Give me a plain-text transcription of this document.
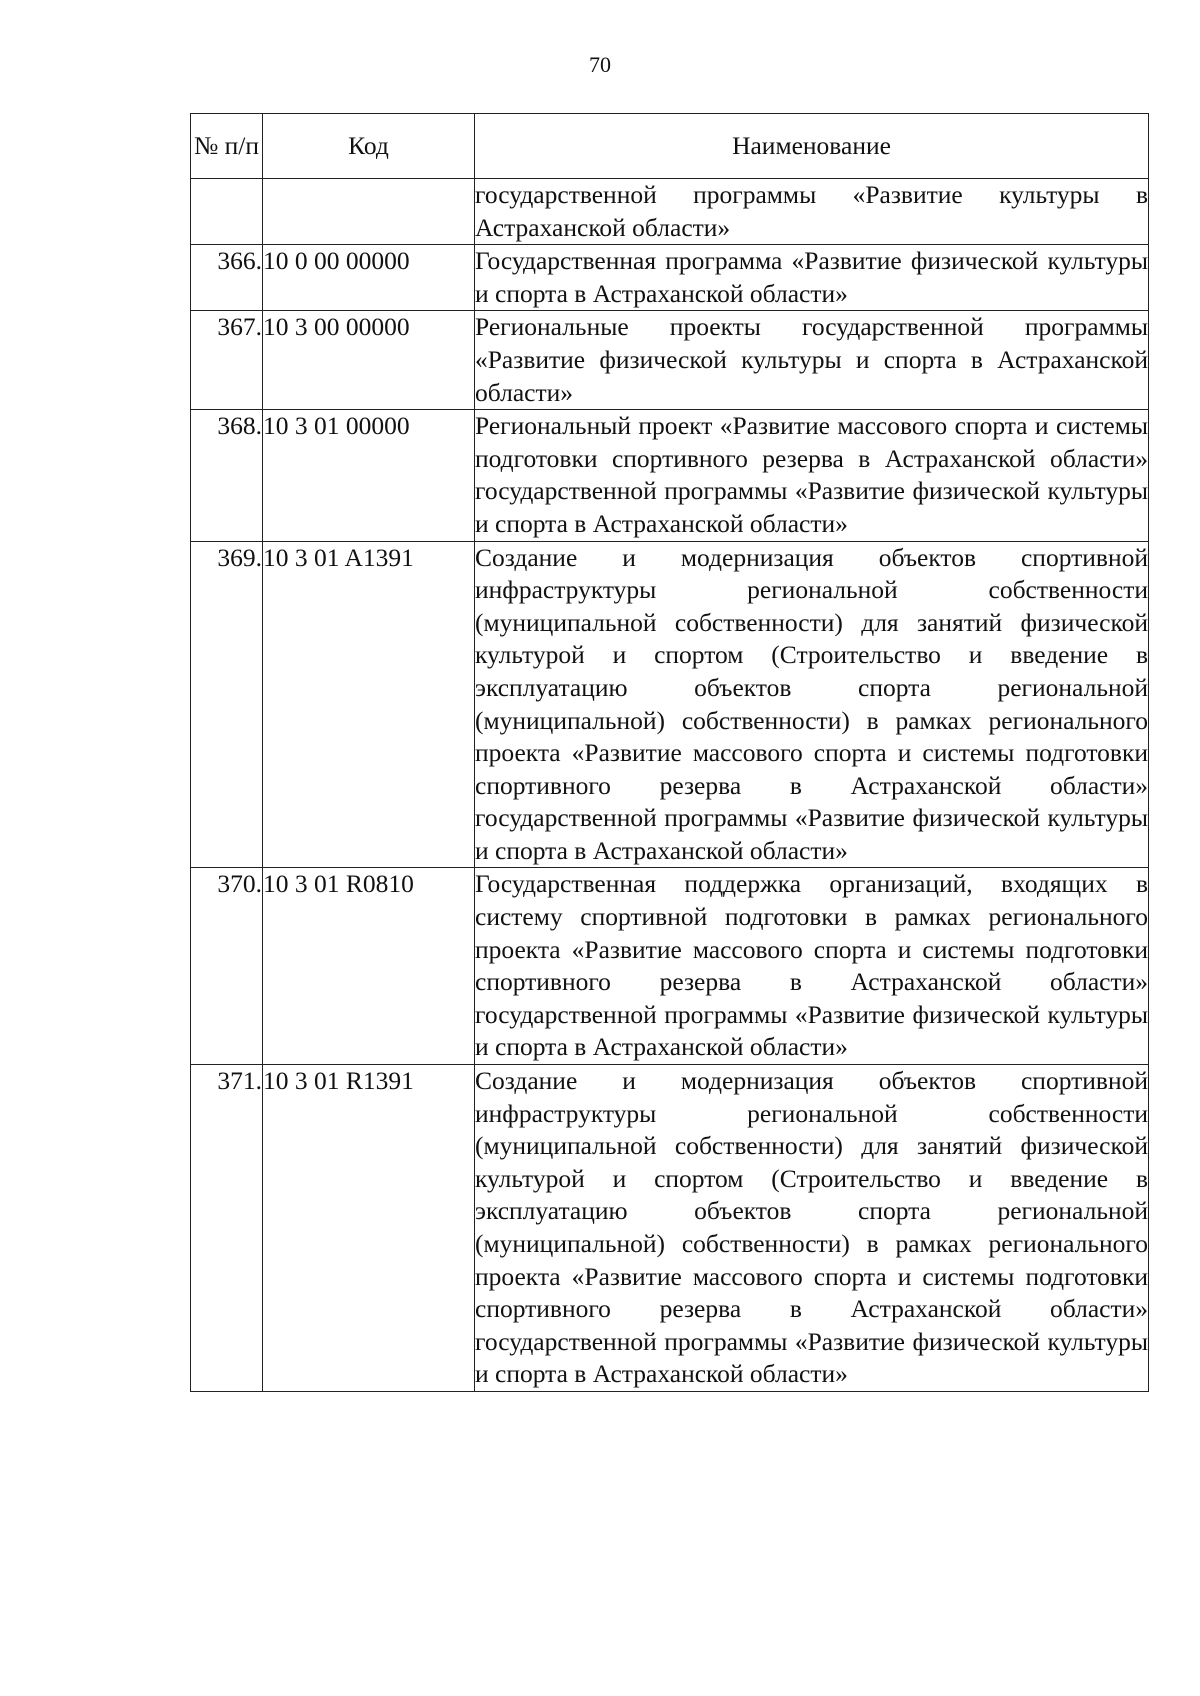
70
№ п/п	Код	Наименование
		государственной программы «Развитие культуры в Астраханской области»
366.	10 0 00 00000	Государственная программа «Развитие физической культуры и спорта в Астраханской области»
367.	10 3 00 00000	Региональные проекты государственной программы «Развитие физической культуры и спорта в Астраханской области»
368.	10 3 01 00000	Региональный проект «Развитие массового спорта и системы подготовки спортивного резерва в Астраханской области» государственной программы «Развитие физической культуры и спорта в Астраханской области»
369.	10 3 01 A1391	Создание и модернизация объектов спортивной инфраструктуры региональной собственности (муниципальной собственности) для занятий физической культурой и спортом (Строительство и введение в эксплуатацию объектов спорта региональной (муниципальной) собственности) в рамках регионального проекта «Развитие массового спорта и системы подготовки спортивного резерва в Астраханской области» государственной программы «Развитие физической культуры и спорта в Астраханской области»
370.	10 3 01 R0810	Государственная поддержка организаций, входящих в систему спортивной подготовки в рамках регионального проекта «Развитие массового спорта и системы подготовки спортивного резерва в Астраханской области» государственной программы «Развитие физической культуры и спорта в Астраханской области»
371.	10 3 01 R1391	Создание и модернизация объектов спортивной инфраструктуры региональной собственности (муниципальной собственности) для занятий физической культурой и спортом (Строительство и введение в эксплуатацию объектов спорта региональной (муниципальной) собственности) в рамках регионального проекта «Развитие массового спорта и системы подготовки спортивного резерва в Астраханской области» государственной программы «Развитие физической культуры и спорта в Астраханской области»
